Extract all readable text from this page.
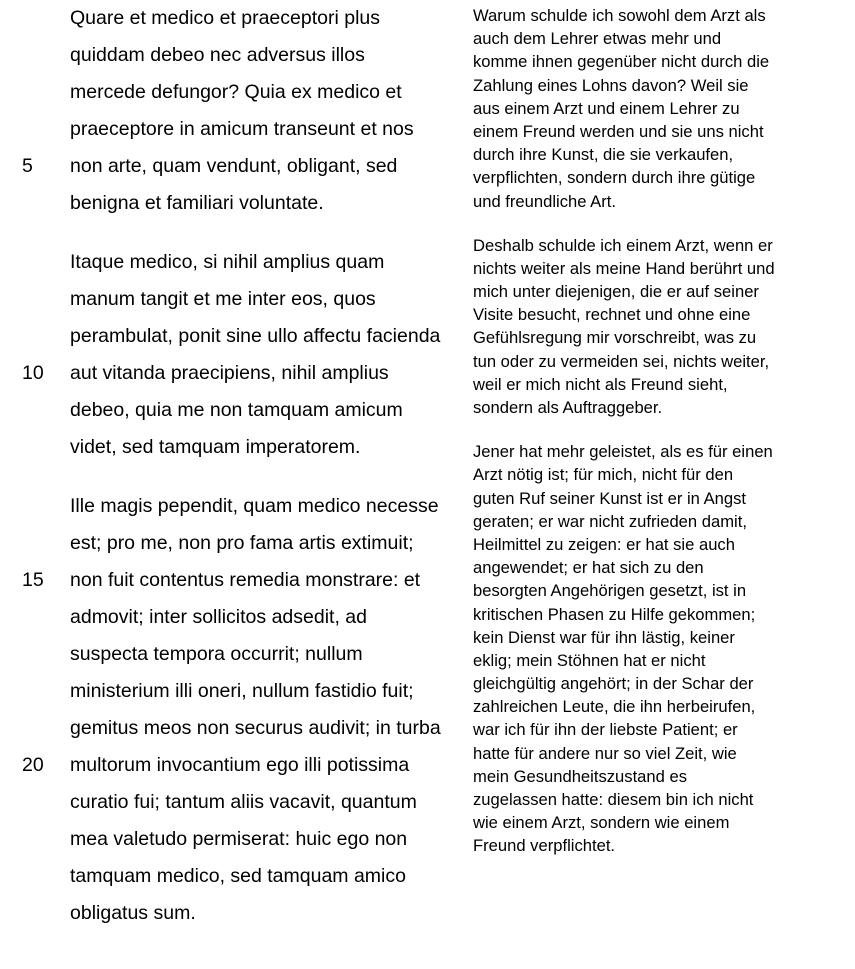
Quare et medico et praeceptori plus
quiddam debeo nec adversus illos
mercede defungor? Quia ex medico et
praeceptore in amicum transeunt et nos
5	non arte, quam vendunt, obligant, sed
benigna et familiari voluntate.
Itaque medico, si nihil amplius quam
manum tangit et me inter eos, quos
perambulat, ponit sine ullo affectu facienda
10	aut vitanda praecipiens, nihil amplius
debeo, quia me non tamquam amicum
videt, sed tamquam imperatorem.
Ille magis pependit, quam medico necesse
est; pro me, non pro fama artis extimuit;
15	non fuit contentus remedia monstrare: et
admovit; inter sollicitos adsedit, ad
suspecta tempora occurrit; nullum
ministerium illi oneri, nullum fastidio fuit;
gemitus meos non securus audivit; in turba
20	multorum invocantium ego illi potissima
curatio fui; tantum aliis vacavit, quantum
mea valetudo permiserat: huic ego non
tamquam medico, sed tamquam amico
obligatus sum.
Warum schulde ich sowohl dem Arzt als
auch dem Lehrer etwas mehr und
komme ihnen gegenüber nicht durch die
Zahlung eines Lohns davon? Weil sie
aus einem Arzt und einem Lehrer zu
einem Freund werden und sie uns nicht
durch ihre Kunst, die sie verkaufen,
verpflichten, sondern durch ihre gütige
und freundliche Art.
Deshalb schulde ich einem Arzt, wenn er
nichts weiter als meine Hand berührt und
mich unter diejenigen, die er auf seiner
Visite besucht, rechnet und ohne eine
Gefühlsregung mir vorschreibt, was zu
tun oder zu vermeiden sei, nichts weiter,
weil er mich nicht als Freund sieht,
sondern als Auftraggeber.
Jener hat mehr geleistet, als es für einen
Arzt nötig ist; für mich, nicht für den
guten Ruf seiner Kunst ist er in Angst
geraten; er war nicht zufrieden damit,
Heilmittel zu zeigen: er hat sie auch
angewendet; er hat sich zu den
besorgten Angehörigen gesetzt, ist in
kritischen Phasen zu Hilfe gekommen;
kein Dienst war für ihn lästig, keiner
eklig; mein Stöhnen hat er nicht
gleichgültig angehört; in der Schar der
zahlreichen Leute, die ihn herbeirufen,
war ich für ihn der liebste Patient; er
hatte für andere nur so viel Zeit, wie
mein Gesundheitszustand es
zugelassen hatte: diesem bin ich nicht
wie einem Arzt, sondern wie einem
Freund verpflichtet.
